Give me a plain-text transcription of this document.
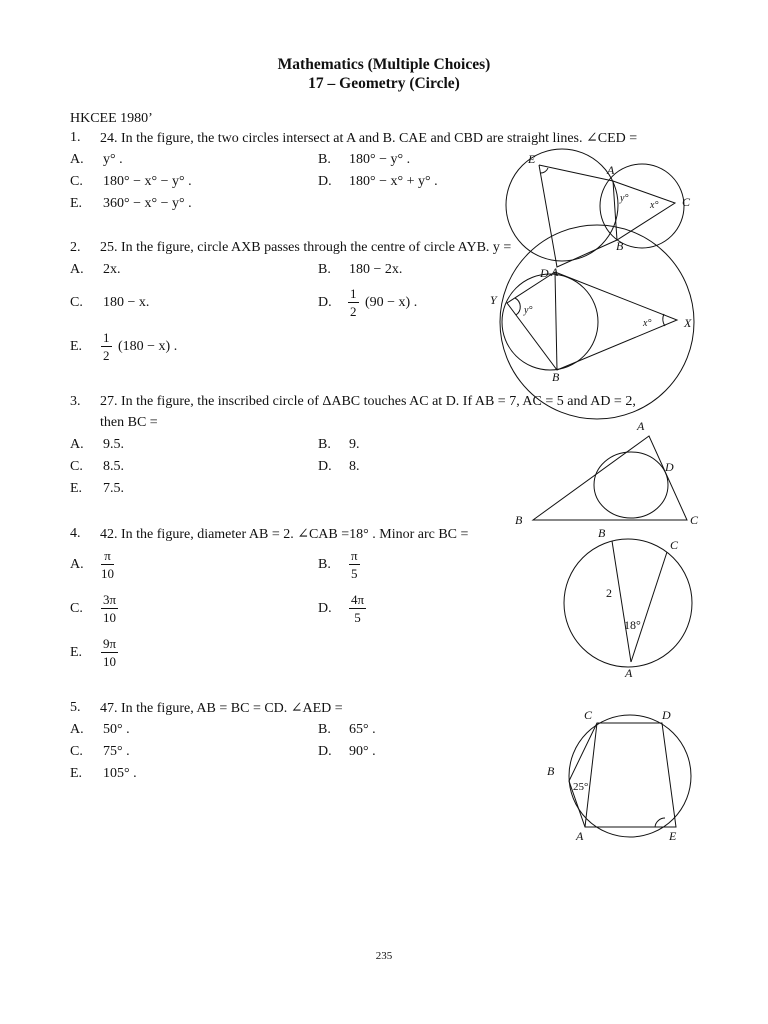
Mathematics (Multiple Choices)
17 – Geometry (Circle)
HKCEE 1980’
1. 24. In the figure, the two circles intersect at A and B. CAE and CBD are straight lines. ∠CED =
A. y° .	B. 180° − y° .
C. 180° − x° − y° .	D. 180° − x° + y° .
E. 360° − x° − y° .
E
A
C
B
D
y°
x°
2. 25. In the figure, circle AXB passes through the centre of circle AYB. y =
A. 2x.	B. 180 − 2x.
C. 180 − x.	D. $\frac{1}{2} (90 - x)$ .
E. $\frac{1}{2} (180 - x)$ .
A
Y
X
B
y°
x°
3. 27. In the figure, the inscribed circle of ΔABC touches AC at D. If AB = 7, AC = 5 and AD = 2,
then BC =
A. 9.5.	B. 9.
C. 8.5.	D. 8.
E. 7.5.
A
B	C
D
4. 42. In the figure, diameter AB = 2. ∠CAB =18° . Minor arc BC =
A. $\frac{\pi}{10}$	B. $\frac{\pi}{5}$
C. $\frac{3\pi}{10}$	D. $\frac{4\pi}{5}$
E. $\frac{9\pi}{10}$
B
C
A
2
18°
5. 47. In the figure, AB = BC = CD. ∠AED =
A. 50° .	B. 65° .
C. 75° .	D. 90° .
E. 105° .
C	D
B
A	E
25°
235
